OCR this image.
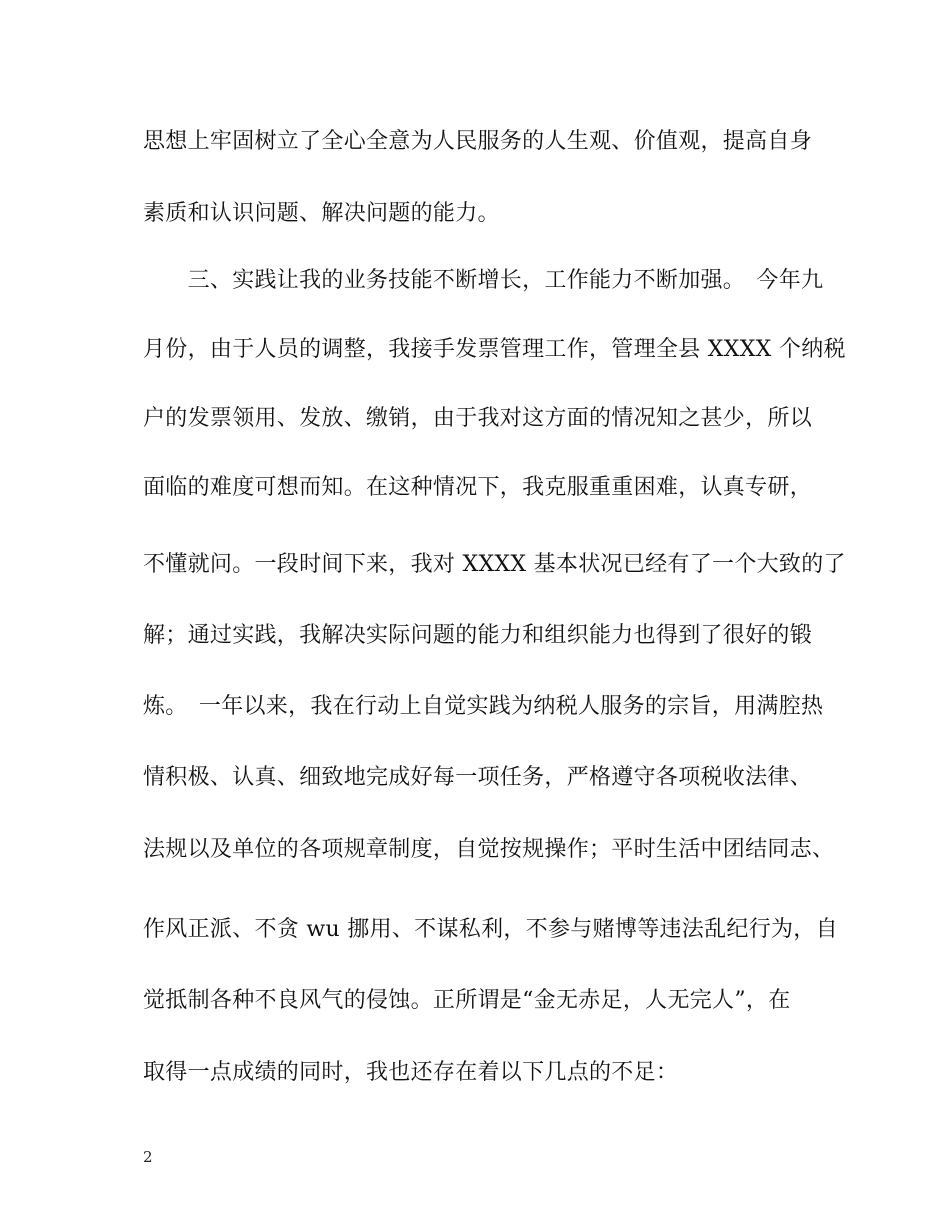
思想上牢固树立了全心全意为人民服务的人生观、价值观，提高自身
素质和认识问题、解决问题的能力。
　　三、实践让我的业务技能不断增长，工作能力不断加强。　今年九
月份，由于人员的调整，我接手发票管理工作，管理全县 XXXX 个纳税
户的发票领用、发放、缴销，由于我对这方面的情况知之甚少，所以
面临的难度可想而知。在这种情况下，我克服重重困难，认真专研，
不懂就问。一段时间下来，我对 XXXX 基本状况已经有了一个大致的了
解；通过实践，我解决实际问题的能力和组织能力也得到了很好的锻
炼。　一年以来，我在行动上自觉实践为纳税人服务的宗旨，用满腔热
情积极、认真、细致地完成好每一项任务，严格遵守各项税收法律、
法规以及单位的各项规章制度，自觉按规操作；平时生活中团结同志、
作风正派、不贪 wu 挪用、不谋私利，不参与赌博等违法乱纪行为，自
觉抵制各种不良风气的侵蚀。正所谓是“金无赤足，人无完人”，在
取得一点成绩的同时，我也还存在着以下几点的不足：
2
